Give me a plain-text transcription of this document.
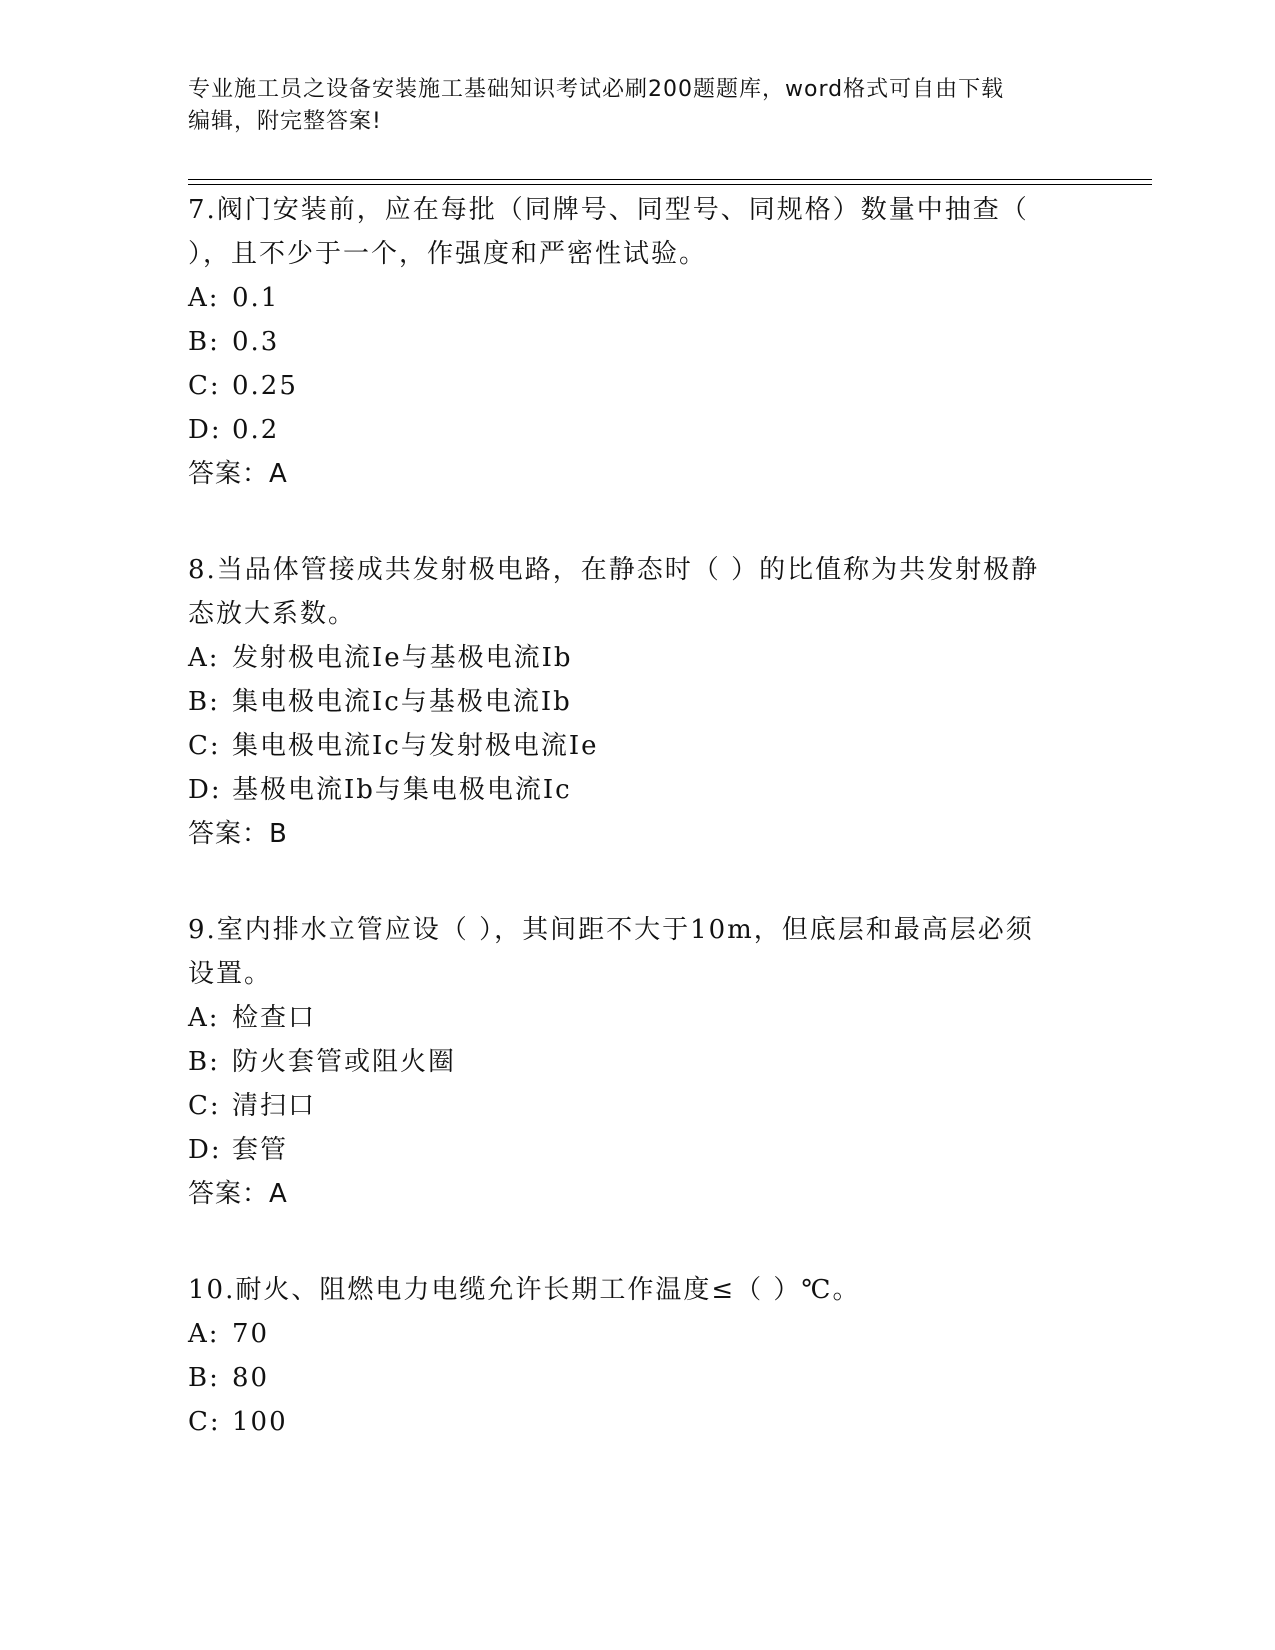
专业施工员之设备安装施工基础知识考试必刷200题题库，word格式可自由下载
编辑，附完整答案!
7.阀门安装前，应在每批（同牌号、同型号、同规格）数量中抽查（
），且不少于一个，作强度和严密性试验。
A: 0.1
B: 0.3
C: 0.25
D: 0.2
答案：A
8.当品体管接成共发射极电路，在静态时（ ）的比值称为共发射极静
态放大系数。
A: 发射极电流Ie与基极电流Ib
B: 集电极电流Ic与基极电流Ib
C: 集电极电流Ic与发射极电流Ie
D: 基极电流Ib与集电极电流Ic
答案：B
9.室内排水立管应设（ ），其间距不大于10m，但底层和最高层必须
设置。
A: 检查口
B: 防火套管或阻火圈
C: 清扫口
D: 套管
答案：A
10.耐火、阻燃电力电缆允许长期工作温度≤（ ）℃。
A: 70
B: 80
C: 100
